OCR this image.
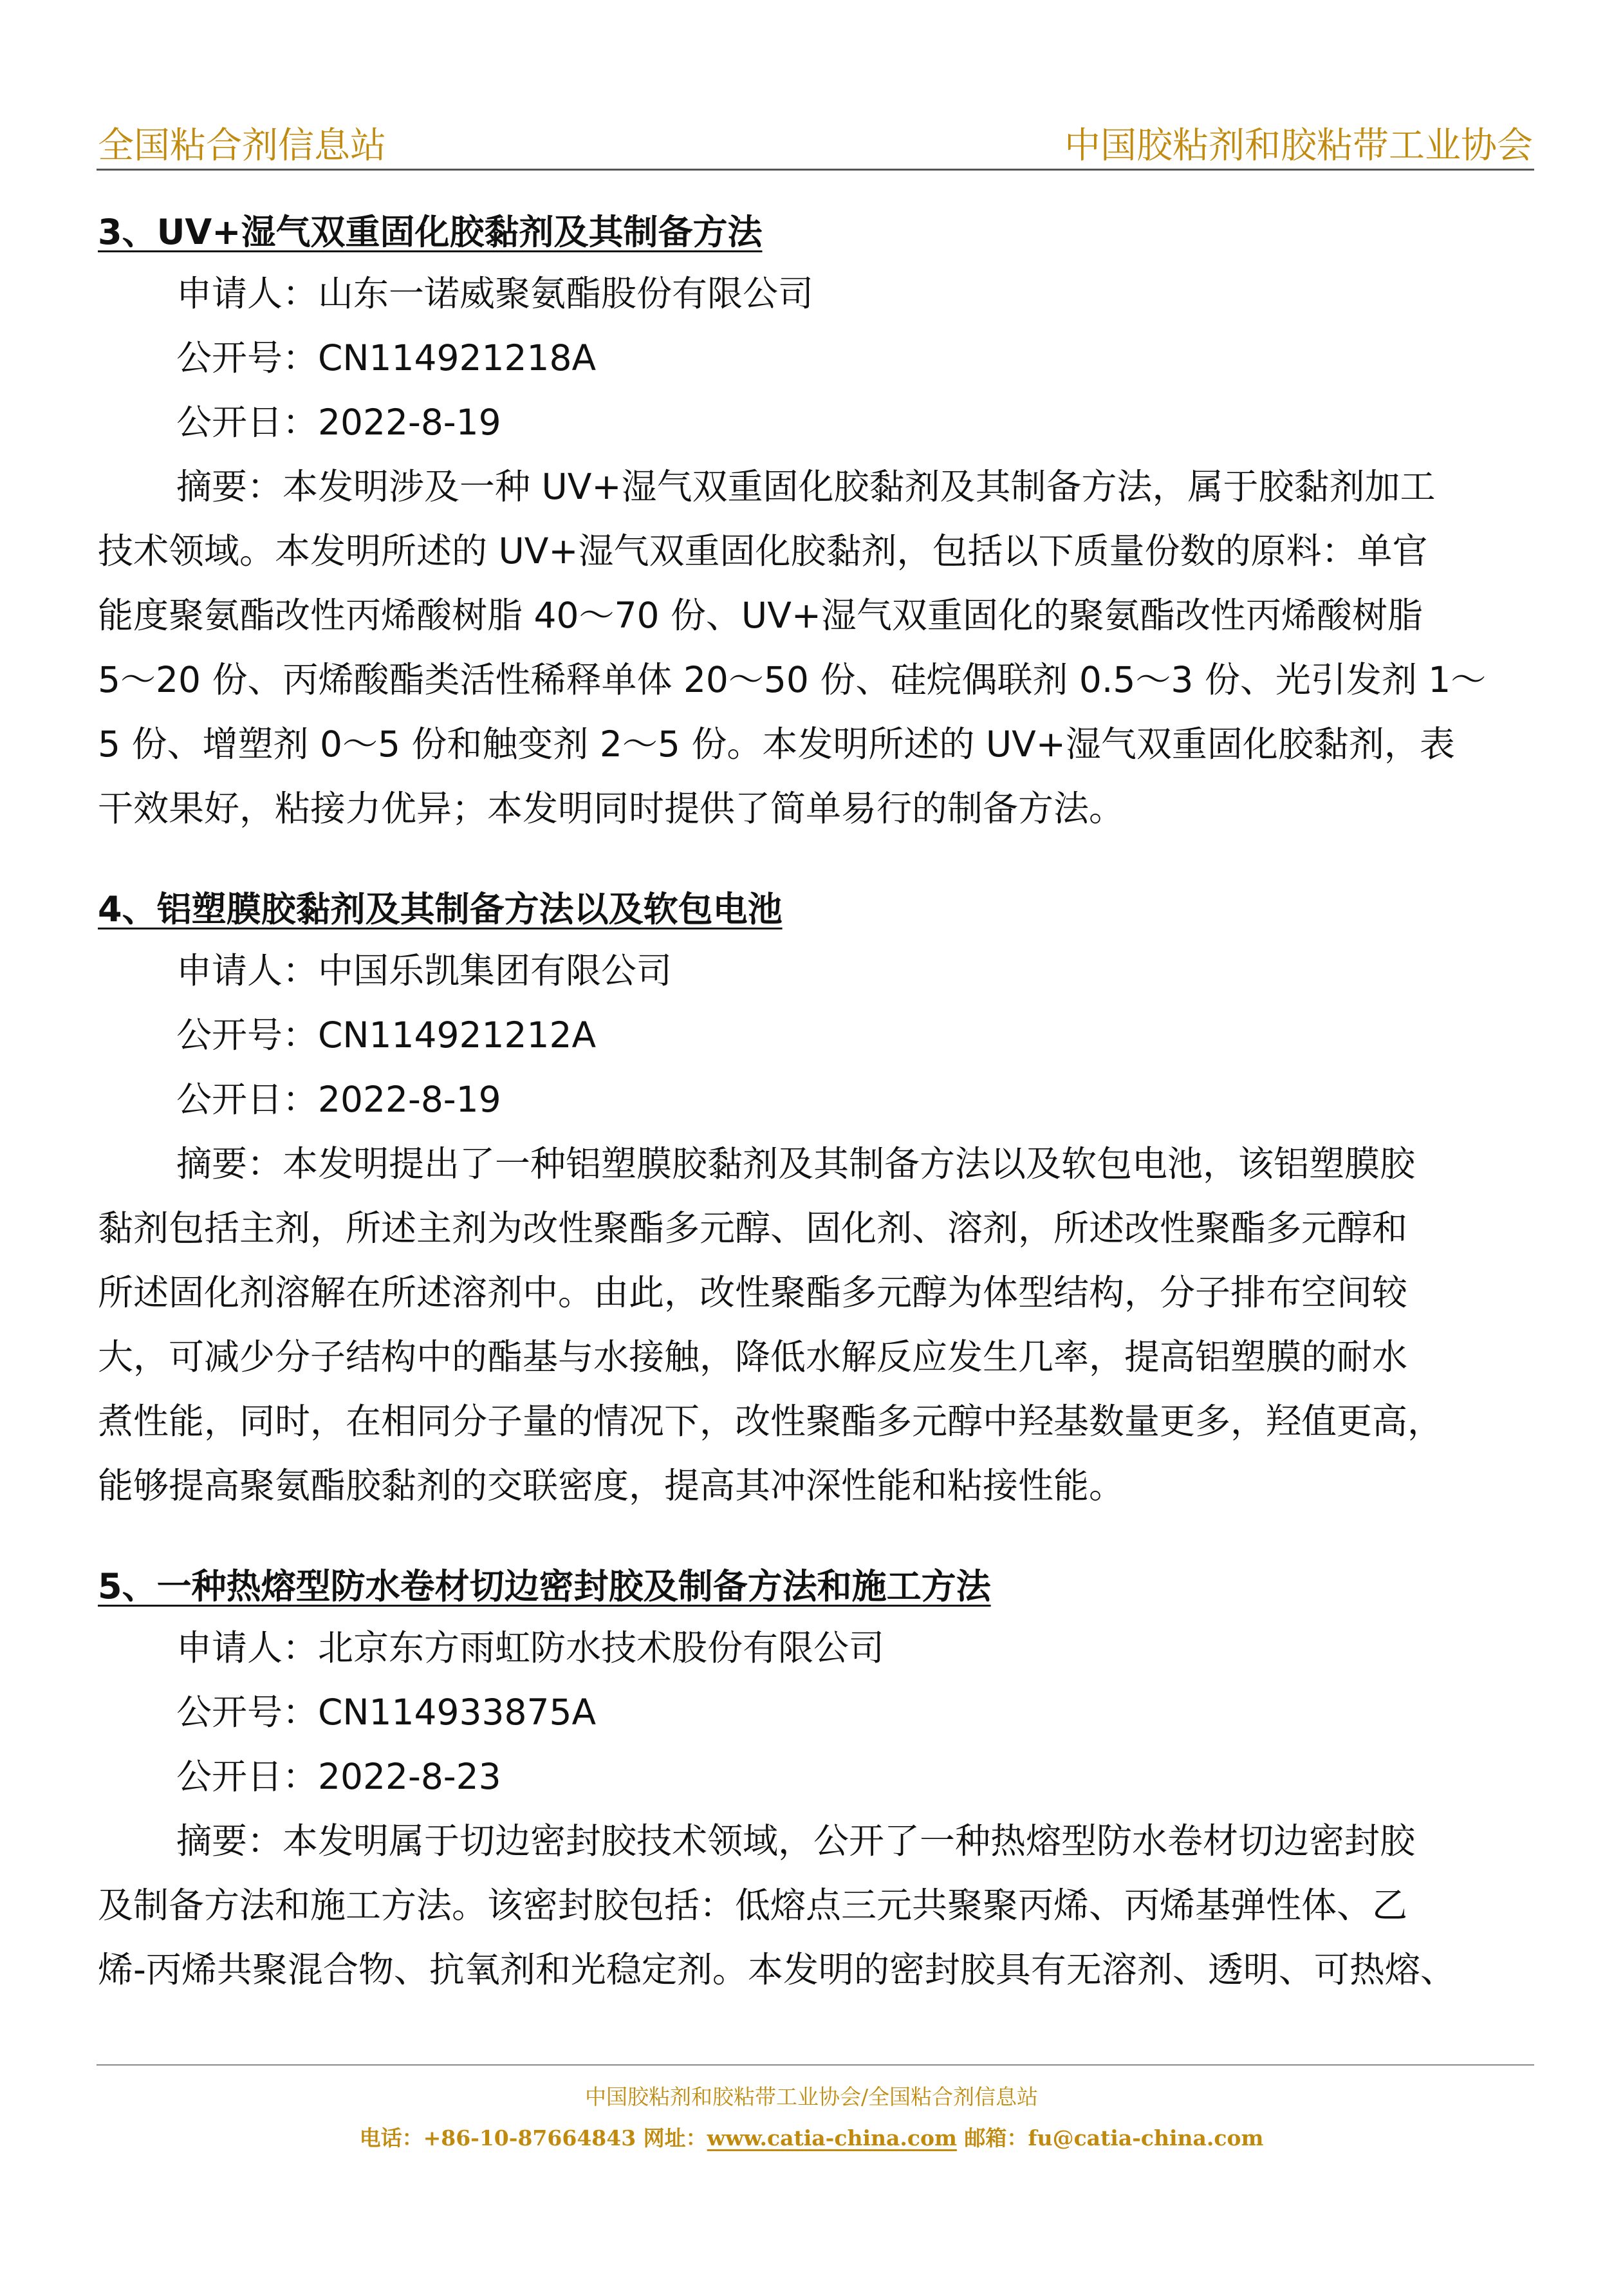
全国粘合剂信息站	中国胶粘剂和胶粘带工业协会
3、UV+湿气双重固化胶黏剂及其制备方法
申请人：山东一诺威聚氨酯股份有限公司
公开号：CN114921218A
公开日：2022-8-19
摘要：本发明涉及一种 UV+湿气双重固化胶黏剂及其制备方法，属于胶黏剂加工
技术领域。本发明所述的 UV+湿气双重固化胶黏剂，包括以下质量份数的原料：单官
能度聚氨酯改性丙烯酸树脂 40～70 份、UV+湿气双重固化的聚氨酯改性丙烯酸树脂
5～20 份、丙烯酸酯类活性稀释单体 20～50 份、硅烷偶联剂 0.5～3 份、光引发剂 1～
5 份、增塑剂 0～5 份和触变剂 2～5 份。本发明所述的 UV+湿气双重固化胶黏剂，表
干效果好，粘接力优异；本发明同时提供了简单易行的制备方法。
4、铝塑膜胶黏剂及其制备方法以及软包电池
申请人：中国乐凯集团有限公司
公开号：CN114921212A
公开日：2022-8-19
摘要：本发明提出了一种铝塑膜胶黏剂及其制备方法以及软包电池，该铝塑膜胶
黏剂包括主剂，所述主剂为改性聚酯多元醇、固化剂、溶剂，所述改性聚酯多元醇和
所述固化剂溶解在所述溶剂中。由此，改性聚酯多元醇为体型结构，分子排布空间较
大，可减少分子结构中的酯基与水接触，降低水解反应发生几率，提高铝塑膜的耐水
煮性能，同时，在相同分子量的情况下，改性聚酯多元醇中羟基数量更多，羟值更高，
能够提高聚氨酯胶黏剂的交联密度，提高其冲深性能和粘接性能。
5、一种热熔型防水卷材切边密封胶及制备方法和施工方法
申请人：北京东方雨虹防水技术股份有限公司
公开号：CN114933875A
公开日：2022-8-23
摘要：本发明属于切边密封胶技术领域，公开了一种热熔型防水卷材切边密封胶
及制备方法和施工方法。该密封胶包括：低熔点三元共聚聚丙烯、丙烯基弹性体、乙
烯-丙烯共聚混合物、抗氧剂和光稳定剂。本发明的密封胶具有无溶剂、透明、可热熔、
中国胶粘剂和胶粘带工业协会/全国粘合剂信息站
电话：+86-10-87664843 网址：www.catia-china.com 邮箱：fu@catia-china.com
